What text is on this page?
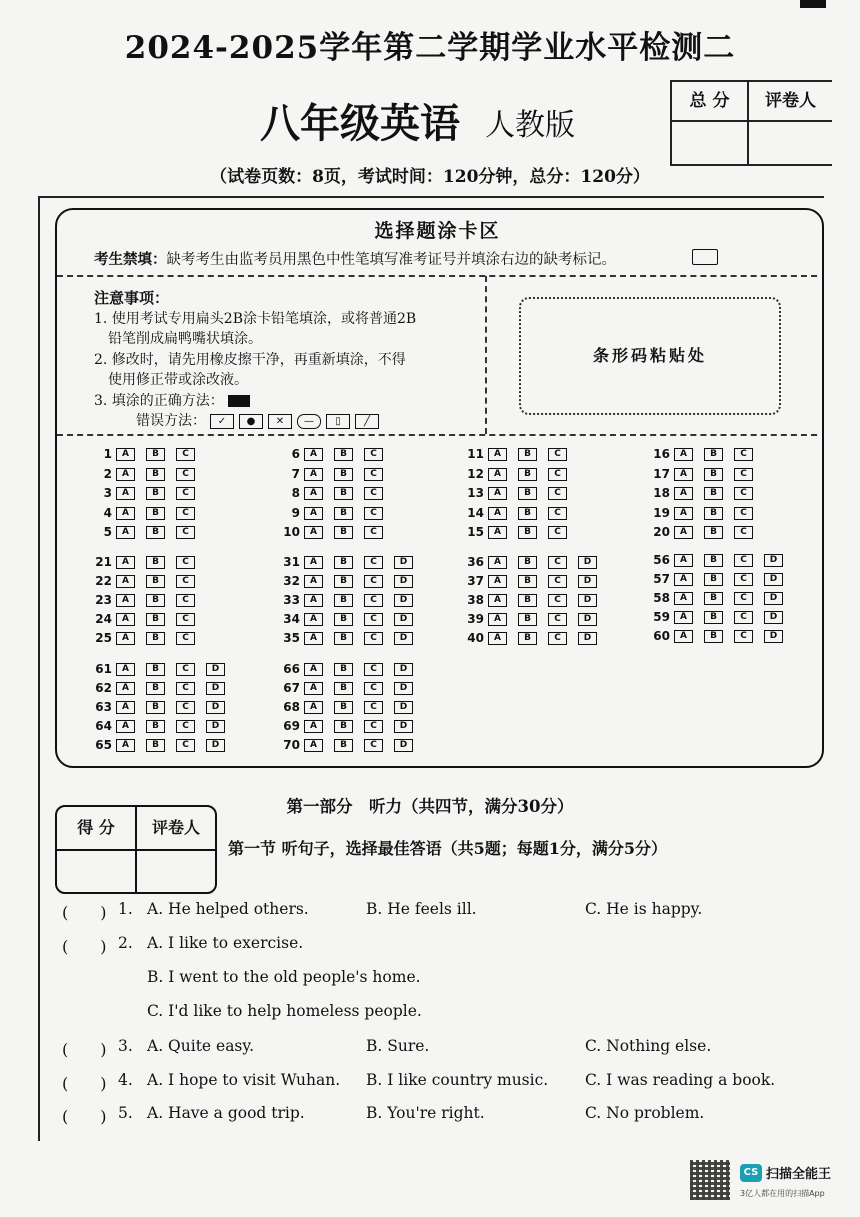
2024-2025学年第二学期学业水平检测二
八年级英语 人教版
总 分	评卷人
（试卷页数：8页，考试时间：120分钟，总分：120分）
选择题涂卡区
考生禁填：缺考考生由监考员用黑色中性笔填写准考证号并填涂右边的缺考标记。
注意事项：
1. 使用考试专用扁头2B涂卡铅笔填涂，或将普通2B
铅笔削成扁鸭嘴状填涂。
2. 修改时，请先用橡皮擦干净，再重新填涂，不得
使用修正带或涂改液。
3. 填涂的正确方法：
错误方法：	✓	●	✕	—	▯	╱
条形码粘贴处
1 A	B	C
2 A	B	C
3 A	B	C
4 A	B	C
5 A	B	C
6 A	B	C
7 A	B	C
8 A	B	C
9 A	B	C
10 A	B	C
11 A	B	C
12 A	B	C
13 A	B	C
14 A	B	C
15 A	B	C
16 A	B	C
17 A	B	C
18 A	B	C
19 A	B	C
20 A	B	C
21 A	B	C
22 A	B	C
23 A	B	C
24 A	B	C
25 A	B	C
31 A	B	C	D
32 A	B	C	D
33 A	B	C	D
34 A	B	C	D
35 A	B	C	D
36 A	B	C	D
37 A	B	C	D
38 A	B	C	D
39 A	B	C	D
40 A	B	C	D
56 A	B	C	D
57 A	B	C	D
58 A	B	C	D
59 A	B	C	D
60 A	B	C	D
61 A	B	C	D
62 A	B	C	D
63 A	B	C	D
64 A	B	C	D
65 A	B	C	D
66 A	B	C	D
67 A	B	C	D
68 A	B	C	D
69 A	B	C	D
70 A	B	C	D
第一部分　听力（共四节，满分30分）
得 分	评卷人
第一节 听句子，选择最佳答语（共5题；每题1分，满分5分）
(　　) 1. A. He helped others.	B. He feels ill.	C. He is happy.
(　　) 2. A. I like to exercise.
B. I went to the old people's home.
C. I'd like to help homeless people.
(　　) 3. A. Quite easy.	B. Sure.	C. Nothing else.
(　　) 4. A. I hope to visit Wuhan. B. I like country music. C. I was reading a book.
(　　) 5. A. Have a good trip.	B. You're right.	C. No problem.
CS 扫描全能王
3亿人都在用的扫描App
